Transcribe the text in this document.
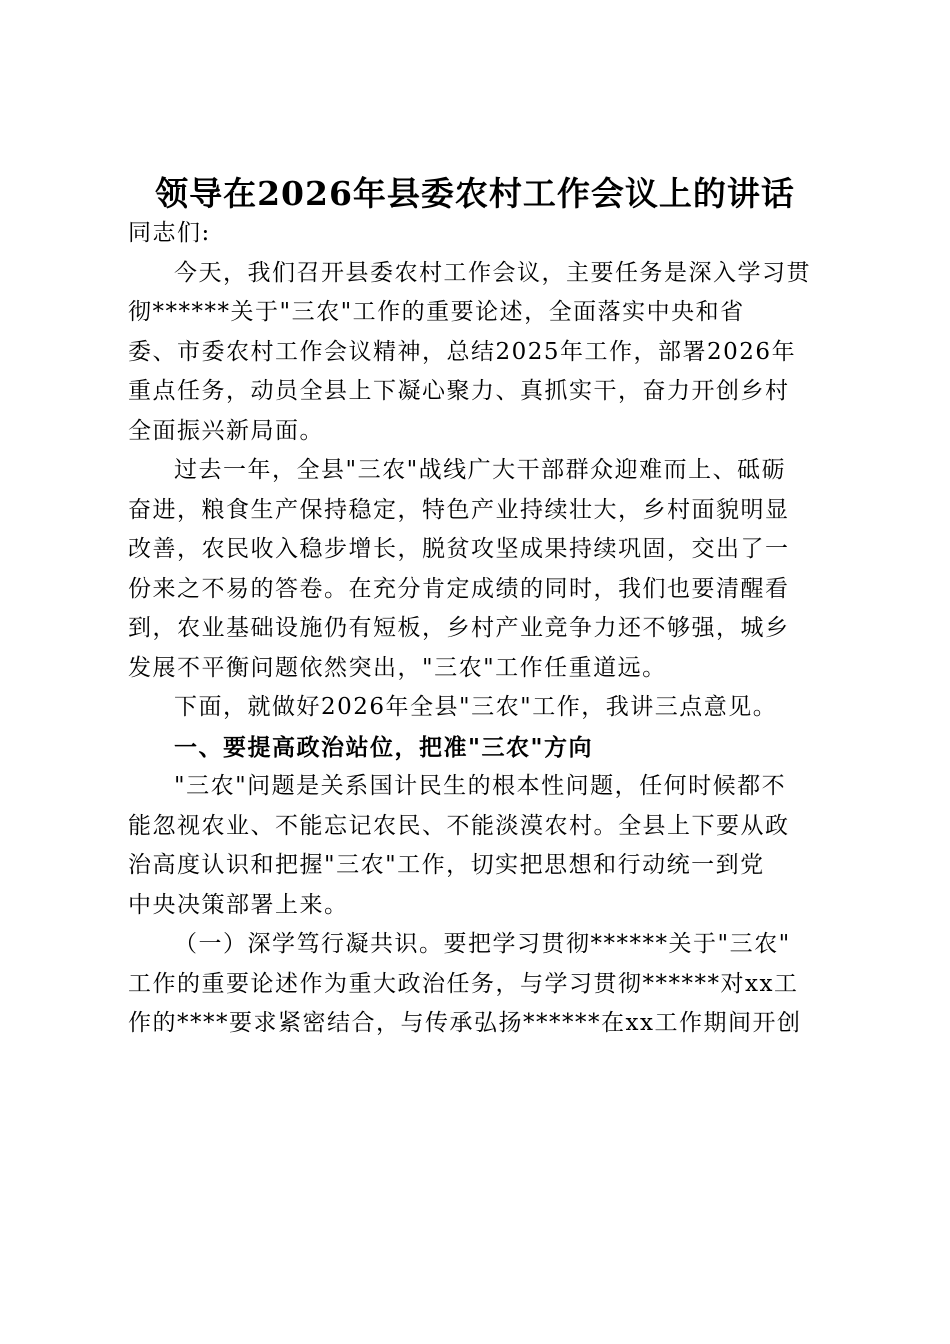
领导在2026年县委农村工作会议上的讲话
同志们:
今天，我们召开县委农村工作会议，主要任务是深入学习贯
彻******关于"三农"工作的重要论述，全面落实中央和省
委、市委农村工作会议精神，总结2025年工作，部署2026年
重点任务，动员全县上下凝心聚力、真抓实干，奋力开创乡村
全面振兴新局面。
过去一年，全县"三农"战线广大干部群众迎难而上、砥砺
奋进，粮食生产保持稳定，特色产业持续壮大，乡村面貌明显
改善，农民收入稳步增长，脱贫攻坚成果持续巩固，交出了一
份来之不易的答卷。在充分肯定成绩的同时，我们也要清醒看
到，农业基础设施仍有短板，乡村产业竞争力还不够强，城乡
发展不平衡问题依然突出，"三农"工作任重道远。
下面，就做好2026年全县"三农"工作，我讲三点意见。
一、要提高政治站位，把准"三农"方向
"三农"问题是关系国计民生的根本性问题，任何时候都不
能忽视农业、不能忘记农民、不能淡漠农村。全县上下要从政
治高度认识和把握"三农"工作，切实把思想和行动统一到党
中央决策部署上来。
（一）深学笃行凝共识。要把学习贯彻******关于"三农"
工作的重要论述作为重大政治任务，与学习贯彻******对xx工
作的****要求紧密结合，与传承弘扬******在xx工作期间开创
